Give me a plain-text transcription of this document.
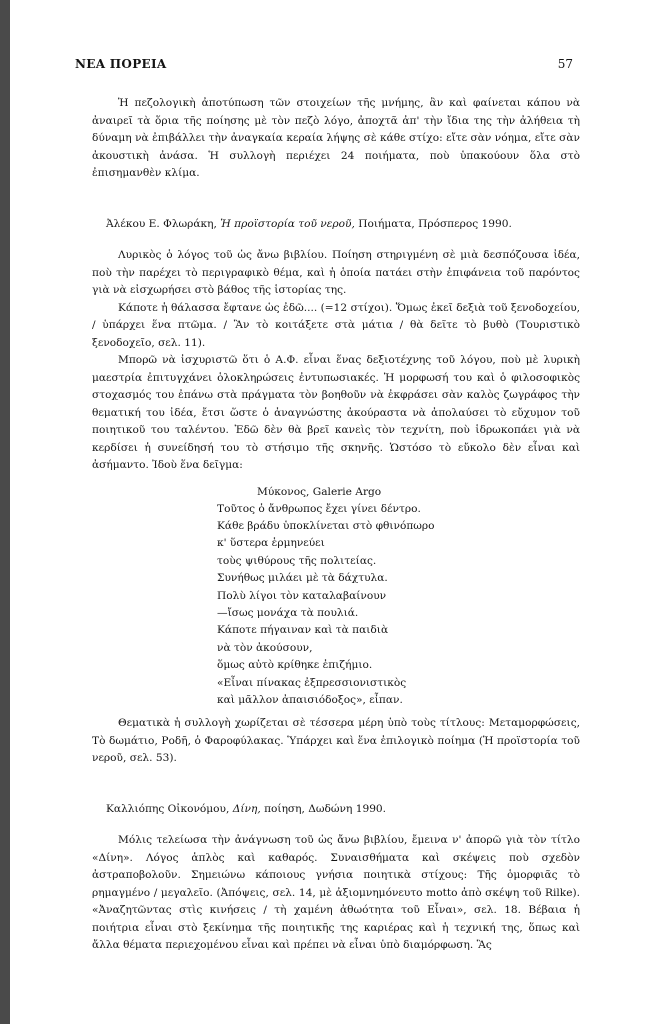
ΝΕΑ ΠΟΡΕΙΑ	57

Ἡ πεζολογικὴ ἀποτύπωση τῶν στοιχείων τῆς μνήμης, ἂν καὶ φαίνεται κάπου νὰ ἀναιρεῖ τὰ ὅρια τῆς ποίησης μὲ τὸν πεζὸ λόγο, ἀποχτᾶ ἀπ' τὴν ἴδια της τὴν ἀλήθεια τὴ δύναμη νὰ ἐπιβάλλει τὴν ἀναγκαία κεραία λήψης σὲ κάθε στίχο: εἴτε σὰν νόημα, εἴτε σὰν ἀκουστικὴ ἀνάσα. Ἡ συλλογὴ περιέχει 24 ποιήματα, ποὺ ὑπακούουν ὅλα στὸ ἐπισημανθὲν κλίμα.

Ἀλέκου Ε. Φλωράκη, Ἡ προϊστορία τοῦ νεροῦ, Ποιήματα, Πρόσπερος 1990.

Λυρικὸς ὁ λόγος τοῦ ὡς ἄνω βιβλίου. Ποίηση στηριγμένη σὲ μιὰ δεσπόζουσα ἰδέα, ποὺ τὴν παρέχει τὸ περιγραφικὸ θέμα, καὶ ἡ ὁποία πατάει στὴν ἐπιφάνεια τοῦ παρόντος γιὰ νὰ εἰσχωρήσει στὸ βάθος τῆς ἱστορίας της.

Κάποτε ἡ θάλασσα ἔφτανε ὡς ἐδῶ.... (=12 στίχοι). Ὅμως ἐκεῖ δεξιὰ τοῦ ξενοδοχείου, / ὑπάρχει ἕνα πτῶμα. / Ἂν τὸ κοιτάξετε στὰ μάτια / θὰ δεῖτε τὸ βυθὸ (Τουριστικὸ ξενοδοχεῖο, σελ. 11).

Μπορῶ νὰ ἰσχυριστῶ ὅτι ὁ Α.Φ. εἶναι ἕνας δεξιοτέχνης τοῦ λόγου, ποὺ μὲ λυρικὴ μαεστρία ἐπιτυγχάνει ὁλοκληρώσεις ἐντυπωσιακές. Ἡ μορφωσή του καὶ ὁ φιλοσοφικὸς στοχασμός του ἐπάνω στὰ πράγματα τὸν βοηθοῦν νὰ ἐκφράσει σὰν καλὸς ζωγράφος τὴν θεματική του ἰδέα, ἔτσι ὥστε ὁ ἀναγνώστης ἀκούραστα νὰ ἀπολαύσει τὸ εὔχυμον τοῦ ποιητικοῦ του ταλέντου. Ἐδῶ δὲν θὰ βρεῖ κανεὶς τὸν τεχνίτη, ποὺ ἱδρωκοπάει γιὰ νὰ κερδίσει ἡ συνείδησή του τὸ στήσιμο τῆς σκηνῆς. Ὡστόσο τὸ εὔκολο δὲν εἶναι καὶ ἀσήμαντο. Ἰδοὺ ἕνα δεῖγμα:

Μύκονος, Galerie Argo
Τοῦτος ὁ ἄνθρωπος ἔχει γίνει δέντρο.
Κάθε βράδυ ὑποκλίνεται στὸ φθινόπωρο
κ' ὕστερα ἑρμηνεύει
τοὺς ψιθύρους τῆς πολιτείας.
Συνήθως μιλάει μὲ τὰ δάχτυλα.
Πολὺ λίγοι τὸν καταλαβαίνουν
—ἴσως μονάχα τὰ πουλιά.
Κάποτε πήγαιναν καὶ τὰ παιδιὰ
νὰ τὸν ἀκούσουν,
ὅμως αὐτὸ κρίθηκε ἐπιζήμιο.
«Εἶναι πίνακας ἐξπρεσσιονιστικὸς
καὶ μᾶλλον ἀπαισιόδοξος», εἶπαν.

Θεματικὰ ἡ συλλογὴ χωρίζεται σὲ τέσσερα μέρη ὑπὸ τοὺς τίτλους: Μεταμορφώσεις, Τὸ δωμάτιο, Ροδῆ, ὁ Φαροφύλακας. Ὑπάρχει καὶ ἕνα ἐπιλογικὸ ποίημα (Ἡ προϊστορία τοῦ νεροῦ, σελ. 53).

Καλλιόπης Οἰκονόμου, Δίνη, ποίηση, Δωδώνη 1990.

Μόλις τελείωσα τὴν ἀνάγνωση τοῦ ὡς ἄνω βιβλίου, ἔμεινα ν' ἀπορῶ γιὰ τὸν τίτλο «Δίνη». Λόγος ἁπλὸς καὶ καθαρός. Συναισθήματα καὶ σκέψεις ποὺ σχεδὸν ἀστραποβολοῦν. Σημειώνω κάποιους γνήσια ποιητικὰ στίχους: Τῆς ὁμορφιᾶς τὸ ρημαγμένο / μεγαλεῖο. (Ἀπόψεις, σελ. 14, μὲ ἀξιομνημόνευτο motto ἀπὸ σκέψη τοῦ Rilke). «Ἀναζητῶντας στὶς κινήσεις / τὴ χαμένη ἀθωότητα τοῦ Εἶναι», σελ. 18. Βέβαια ἡ ποιήτρια εἶναι στὸ ξεκίνημα τῆς ποιητικῆς της καριέρας καὶ ἡ τεχνική της, ὅπως καὶ ἄλλα θέματα περιεχομένου εἶναι καὶ πρέπει νὰ εἶναι ὑπὸ διαμόρφωση. Ἂς
